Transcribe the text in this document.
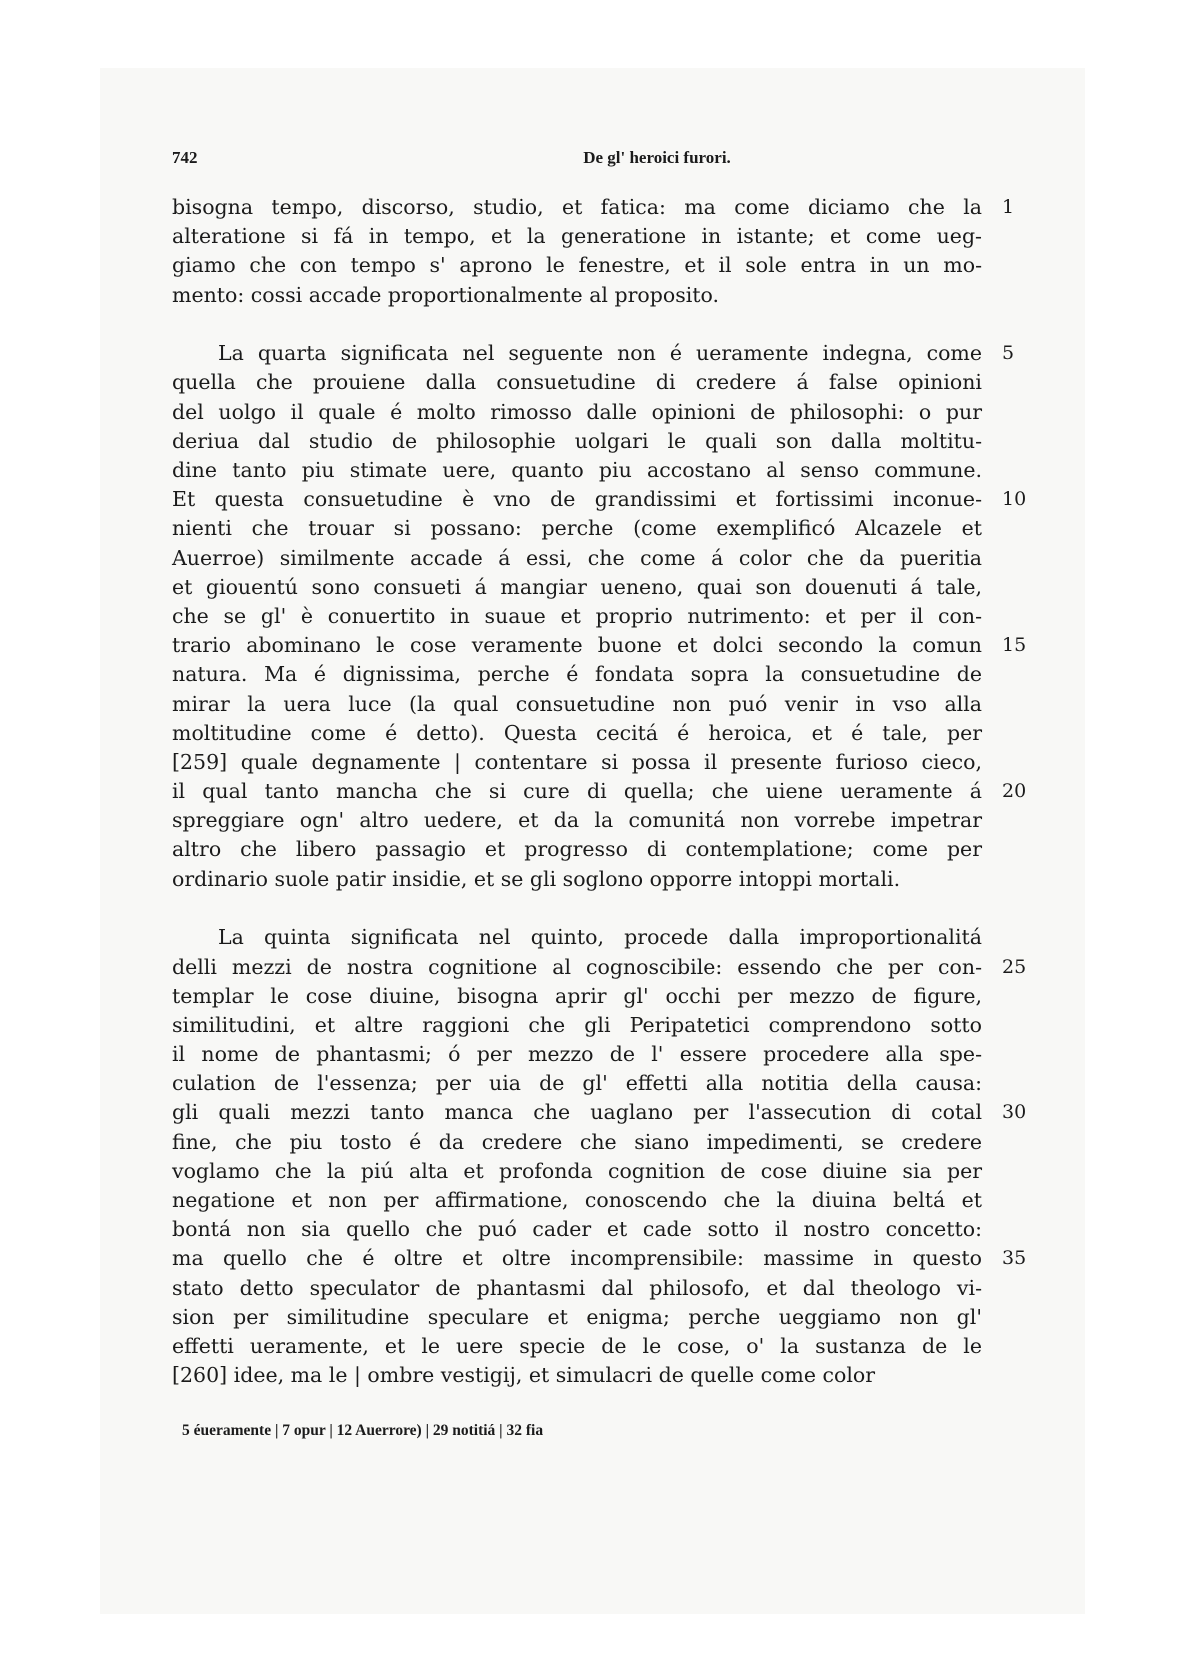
742	De gl' heroici furori.
bisogna tempo, discorso, studio, et fatica: ma come diciamo che la 1
alteratione si fá in tempo, et la generatione in istante; et come ueg-
giamo che con tempo s' aprono le fenestre, et il sole entra in un mo-
mento: cossi accade proportionalmente al proposito.
La quarta significata nel seguente non é ueramente indegna, come 5
quella che prouiene dalla consuetudine di credere á false opinioni
del uolgo il quale é molto rimosso dalle opinioni de philosophi: o pur
deriua dal studio de philosophie uolgari le quali son dalla moltitu-
dine tanto piu stimate uere, quanto piu accostano al senso commune.
Et questa consuetudine è vno de grandissimi et fortissimi inconue- 10
nienti che trouar si possano: perche (come exemplificó Alcazele et
Auerroe) similmente accade á essi, che come á color che da pueritia
et giouentú sono consueti á mangiar ueneno, quai son douenuti á tale,
che se gl' è conuertito in suaue et proprio nutrimento: et per il con-
trario abominano le cose veramente buone et dolci secondo la comun 15
natura. Ma é dignissima, perche é fondata sopra la consuetudine de
mirar la uera luce (la qual consuetudine non puó venir in vso alla
moltitudine come é detto). Questa cecitá é heroica, et é tale, per
[259] quale degnamente | contentare si possa il presente furioso cieco,
il qual tanto mancha che si cure di quella; che uiene ueramente á 20
spreggiare ogn' altro uedere, et da la comunitá non vorrebe impetrar
altro che libero passagio et progresso di contemplatione; come per
ordinario suole patir insidie, et se gli soglono opporre intoppi mortali.
La quinta significata nel quinto, procede dalla improportionalitá
delli mezzi de nostra cognitione al cognoscibile: essendo che per con- 25
templar le cose diuine, bisogna aprir gl' occhi per mezzo de figure,
similitudini, et altre raggioni che gli Peripatetici comprendono sotto
il nome de phantasmi; ó per mezzo de l' essere procedere alla spe-
culation de l'essenza; per uia de gl' effetti alla notitia della causa:
gli quali mezzi tanto manca che uaglano per l'assecution di cotal 30
fine, che piu tosto é da credere che siano impedimenti, se credere
voglamo che la piú alta et profonda cognition de cose diuine sia per
negatione et non per affirmatione, conoscendo che la diuina beltá et
bontá non sia quello che puó cader et cade sotto il nostro concetto:
ma quello che é oltre et oltre incomprensibile: massime in questo 35
stato detto speculator de phantasmi dal philosofo, et dal theologo vi-
sion per similitudine speculare et enigma; perche ueggiamo non gl'
effetti ueramente, et le uere specie de le cose, o' la sustanza de le
[260] idee, ma le | ombre vestigij, et simulacri de quelle come color
5 éueramente | 7 opur | 12 Auerrore) | 29 notitiá | 32 fia
